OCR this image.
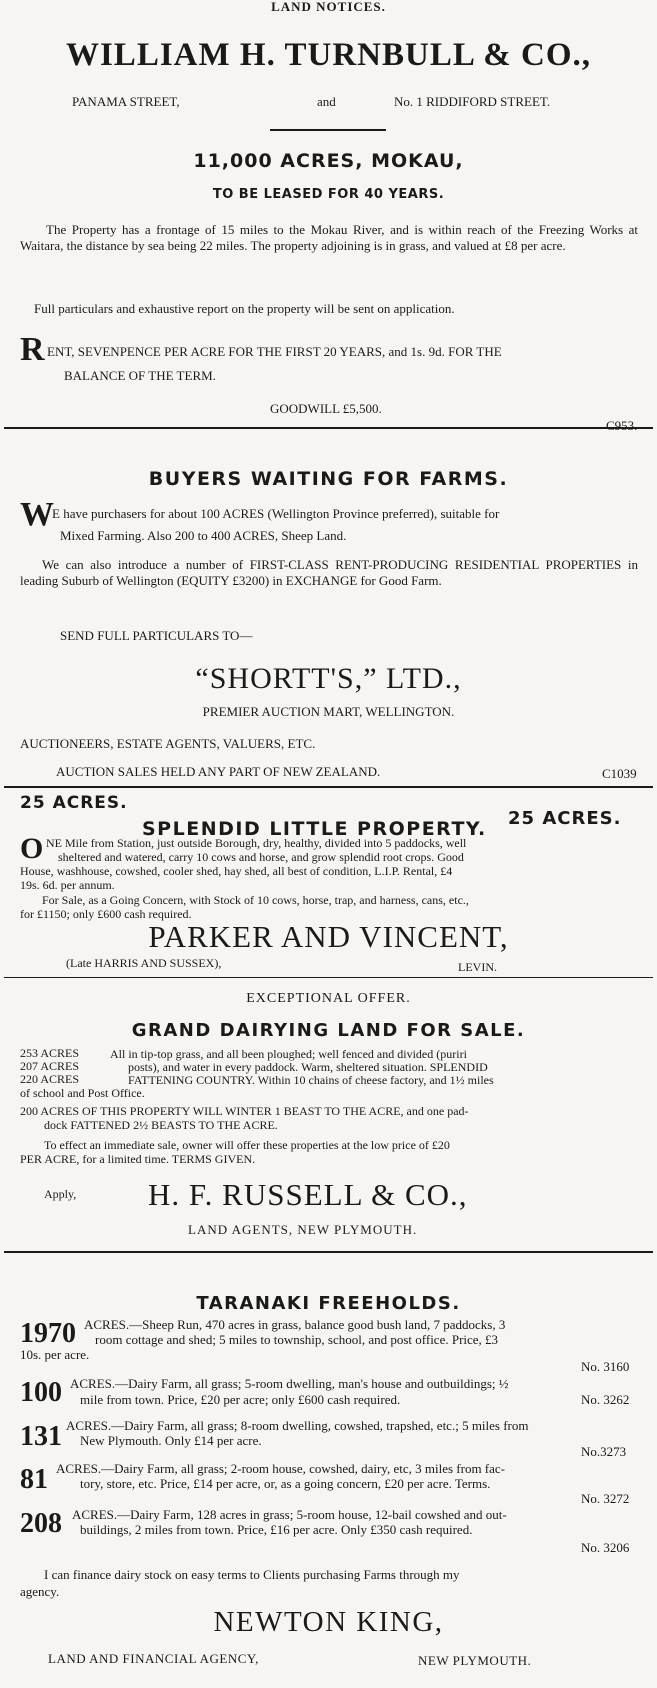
LAND NOTICES.
WILLIAM H. TURNBULL & CO.,
PANAMA STREET,	and	No. 1 RIDDIFORD STREET.
11,000 ACRES, MOKAU,
TO BE LEASED FOR 40 YEARS.
The Property has a frontage of 15 miles to the Mokau River, and is within reach of the Freezing Works at Waitara, the distance by sea being 22 miles. The property adjoining is in grass, and valued at £8 per acre.
Full particulars and exhaustive report on the property will be sent on application.
R ENT, SEVENPENCE PER ACRE FOR THE FIRST 20 YEARS, and 1s. 9d. FOR THE
BALANCE OF THE TERM.
GOODWILL £5,500.
C953.
BUYERS WAITING FOR FARMS.
W
E have purchasers for about 100 ACRES (Wellington Province preferred), suitable for
Mixed Farming. Also 200 to 400 ACRES, Sheep Land.
We can also introduce a number of FIRST-CLASS RENT-PRODUCING RESIDENTIAL PROPERTIES in leading Suburb of Wellington (EQUITY £3200) in EXCHANGE for Good Farm.
SEND FULL PARTICULARS TO—
“SHORTT'S,” LTD.,
PREMIER AUCTION MART, WELLINGTON.
AUCTIONEERS, ESTATE AGENTS, VALUERS, ETC.
AUCTION SALES HELD ANY PART OF NEW ZEALAND.	C1039
25 ACRES.
25 ACRES.
SPLENDID LITTLE PROPERTY.
O NE Mile from Station, just outside Borough, dry, healthy, divided into 5 paddocks, well
sheltered and watered, carry 10 cows and horse, and grow splendid root crops. Good
House, washhouse, cowshed, cooler shed, hay shed, all best of condition, L.I.P. Rental, £4
19s. 6d. per annum.
For Sale, as a Going Concern, with Stock of 10 cows, horse, trap, and harness, cans, etc.,
for £1150; only £600 cash required.
PARKER AND VINCENT,
(Late HARRIS AND SUSSEX),	LEVIN.
EXCEPTIONAL OFFER.
GRAND DAIRYING LAND FOR SALE.
253 ACRES
207 ACRES
220 ACRES
All in tip-top grass, and all been ploughed; well fenced and divided (puriri
posts), and water in every paddock. Warm, sheltered situation. SPLENDID
FATTENING COUNTRY. Within 10 chains of cheese factory, and 1½ miles
of school and Post Office.
200 ACRES OF THIS PROPERTY WILL WINTER 1 BEAST TO THE ACRE, and one pad-
dock FATTENED 2½ BEASTS TO THE ACRE.
To effect an immediate sale, owner will offer these properties at the low price of £20
PER ACRE, for a limited time. TERMS GIVEN.
Apply, H. F. RUSSELL & CO.,
LAND AGENTS, NEW PLYMOUTH.
TARANAKI FREEHOLDS.
1970 ACRES.—Sheep Run, 470 acres in grass, balance good bush land, 7 paddocks, 3
room cottage and shed; 5 miles to township, school, and post office. Price, £3
10s. per acre.
No. 3160
100 ACRES.—Dairy Farm, all grass; 5-room dwelling, man's house and outbuildings; ½
mile from town. Price, £20 per acre; only £600 cash required.	No. 3262
131 ACRES.—Dairy Farm, all grass; 8-room dwelling, cowshed, trapshed, etc.; 5 miles from
New Plymouth. Only £14 per acre.
No.3273
81 ACRES.—Dairy Farm, all grass; 2-room house, cowshed, dairy, etc, 3 miles from fac-
tory, store, etc. Price, £14 per acre, or, as a going concern, £20 per acre. Terms.
No. 3272
208 ACRES.—Dairy Farm, 128 acres in grass; 5-room house, 12-bail cowshed and out-
buildings, 2 miles from town. Price, £16 per acre. Only £350 cash required.
No. 3206
I can finance dairy stock on easy terms to Clients purchasing Farms through my
agency.
NEWTON KING,
LAND AND FINANCIAL AGENCY,	NEW PLYMOUTH.
